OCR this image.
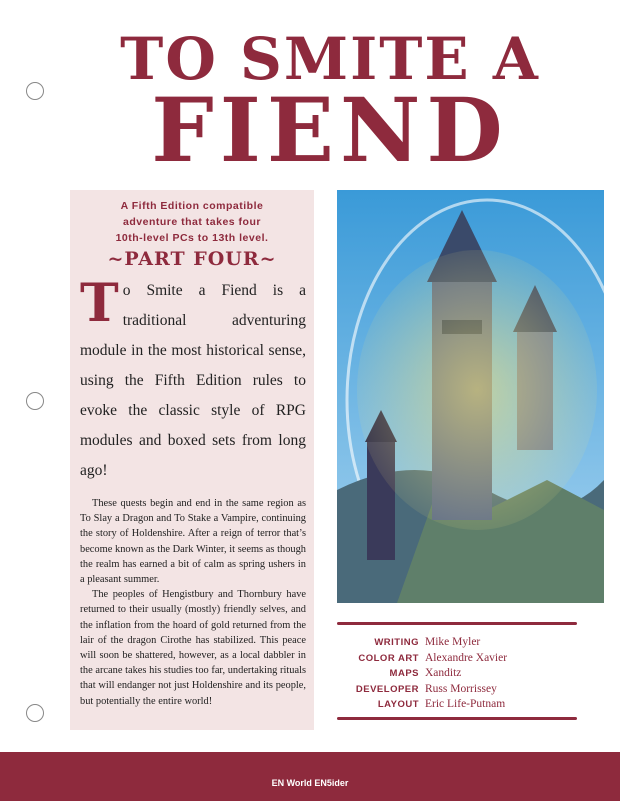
TO SMITE A
FIEND
A Fifth Edition compatible
adventure that takes four
10th-level PCs to 13th level.
~PART FOUR~
T o Smite a Fiend is a traditional adventuring module in the most historical sense, using the Fifth Edition rules to evoke the classic style of RPG modules and boxed sets from long ago!

These quests begin and end in the same region as To Slay a Dragon and To Stake a Vampire, continuing the story of Holdenshire. After a reign of terror that’s become known as the Dark Winter, it seems as though the realm has earned a bit of calm as spring ushers in a pleasant summer.

The peoples of Hengistbury and Thornbury have returned to their usually (mostly) friendly selves, and the inflation from the hoard of gold returned from the lair of the dragon Cirothe has stabilized. This peace will soon be shattered, however, as a local dabbler in the arcane takes his studies too far, undertaking rituals that will endanger not just Holdenshire and its people, but potentially the entire world!

WRITING Mike Myler
COLOR ART Alexandre Xavier
MAPS Xanditz
DEVELOPER Russ Morrissey
LAYOUT Eric Life-Putnam
EN World EN5ider
